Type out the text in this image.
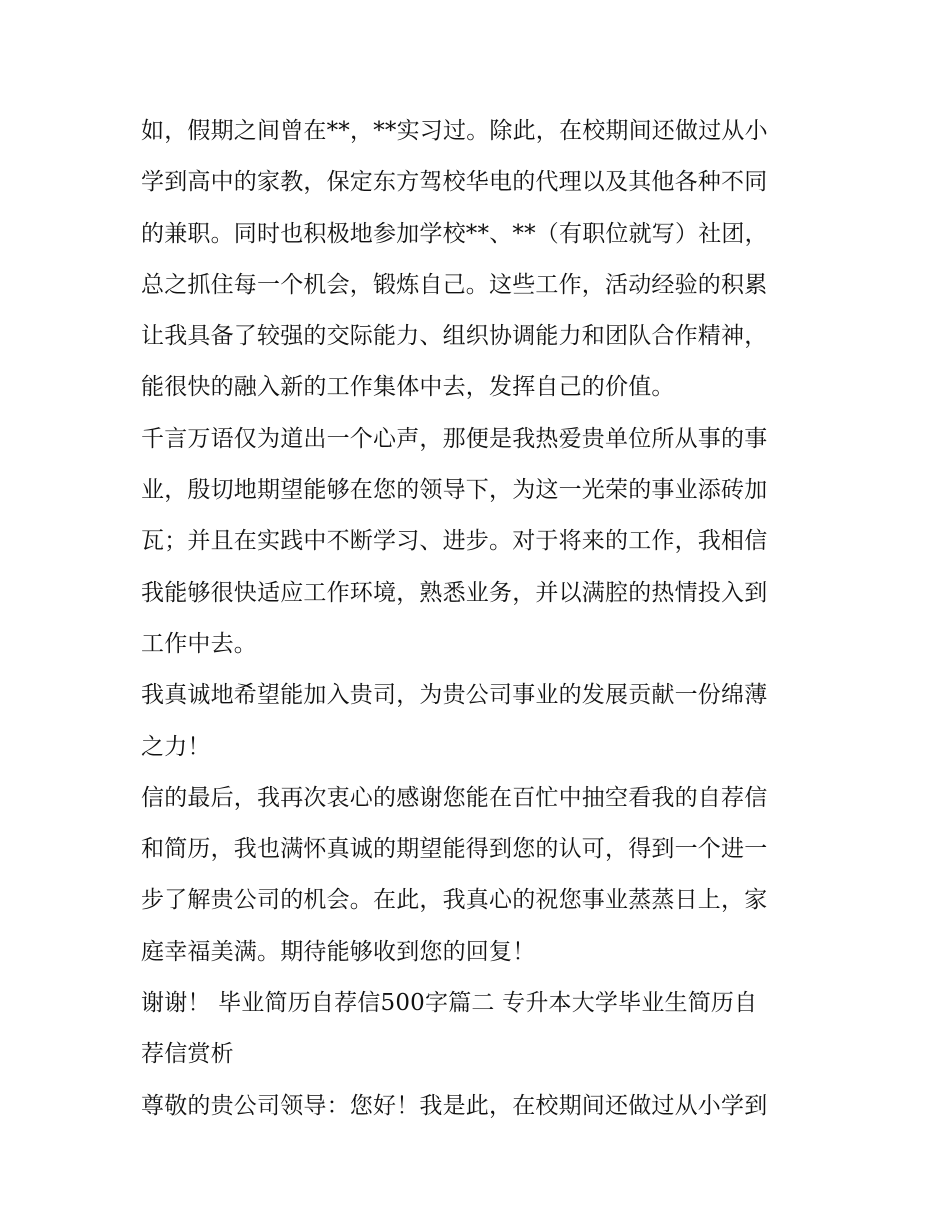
如，假期之间曾在**，**实习过。除此，在校期间还做过从小
学到高中的家教，保定东方驾校华电的代理以及其他各种不同
的兼职。同时也积极地参加学校**、**（有职位就写）社团，
总之抓住每一个机会，锻炼自己。这些工作，活动经验的积累
让我具备了较强的交际能力、组织协调能力和团队合作精神，
能很快的融入新的工作集体中去，发挥自己的价值。
千言万语仅为道出一个心声，那便是我热爱贵单位所从事的事
业，殷切地期望能够在您的领导下，为这一光荣的事业添砖加
瓦；并且在实践中不断学习、进步。对于将来的工作，我相信
我能够很快适应工作环境，熟悉业务，并以满腔的热情投入到
工作中去。
我真诚地希望能加入贵司，为贵公司事业的发展贡献一份绵薄
之力！
信的最后，我再次衷心的感谢您能在百忙中抽空看我的自荐信
和简历，我也满怀真诚的期望能得到您的认可，得到一个进一
步了解贵公司的机会。在此，我真心的祝您事业蒸蒸日上，家
庭幸福美满。期待能够收到您的回复！
谢谢！ 毕业简历自荐信500字篇二 专升本大学毕业生简历自
荐信赏析
尊敬的贵公司领导：您好！我是此，在校期间还做过从小学到
